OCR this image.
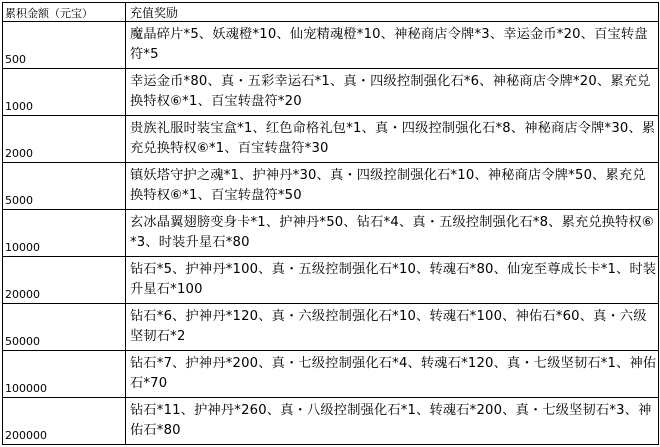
累积金额（元宝）	充值奖励
500	魔晶碎片*5、妖魂橙*10、仙宠精魂橙*10、神秘商店令牌*3、幸运金币*20、百宝转盘符*5
1000	幸运金币*80、真・五彩幸运石*1、真・四级控制强化石*6、神秘商店令牌*20、累充兑换特权⑥*1、百宝转盘符*20
2000	贵族礼服时装宝盒*1、红色命格礼包*1、真・四级控制强化石*8、神秘商店令牌*30、累充兑换特权⑥*1、百宝转盘符*30
5000	镇妖塔守护之魂*1、护神丹*30、真・四级控制强化石*10、神秘商店令牌*50、累充兑换特权⑥*1、百宝转盘符*50
10000	玄冰晶翼翅膀变身卡*1、护神丹*50、钻石*4、真・五级控制强化石*8、累充兑换特权⑥*3、时装升星石*80
20000	钻石*5、护神丹*100、真・五级控制强化石*10、转魂石*80、仙宠至尊成长卡*1、时装升星石*100
50000	钻石*6、护神丹*120、真・六级控制强化石*10、转魂石*100、神佑石*60、真・六级坚韧石*2
100000	钻石*7、护神丹*200、真・七级控制强化石*4、转魂石*120、真・七级坚韧石*1、神佑石*70
200000	钻石*11、护神丹*260、真・八级控制强化石*1、转魂石*200、真・七级坚韧石*3、神佑石*80
